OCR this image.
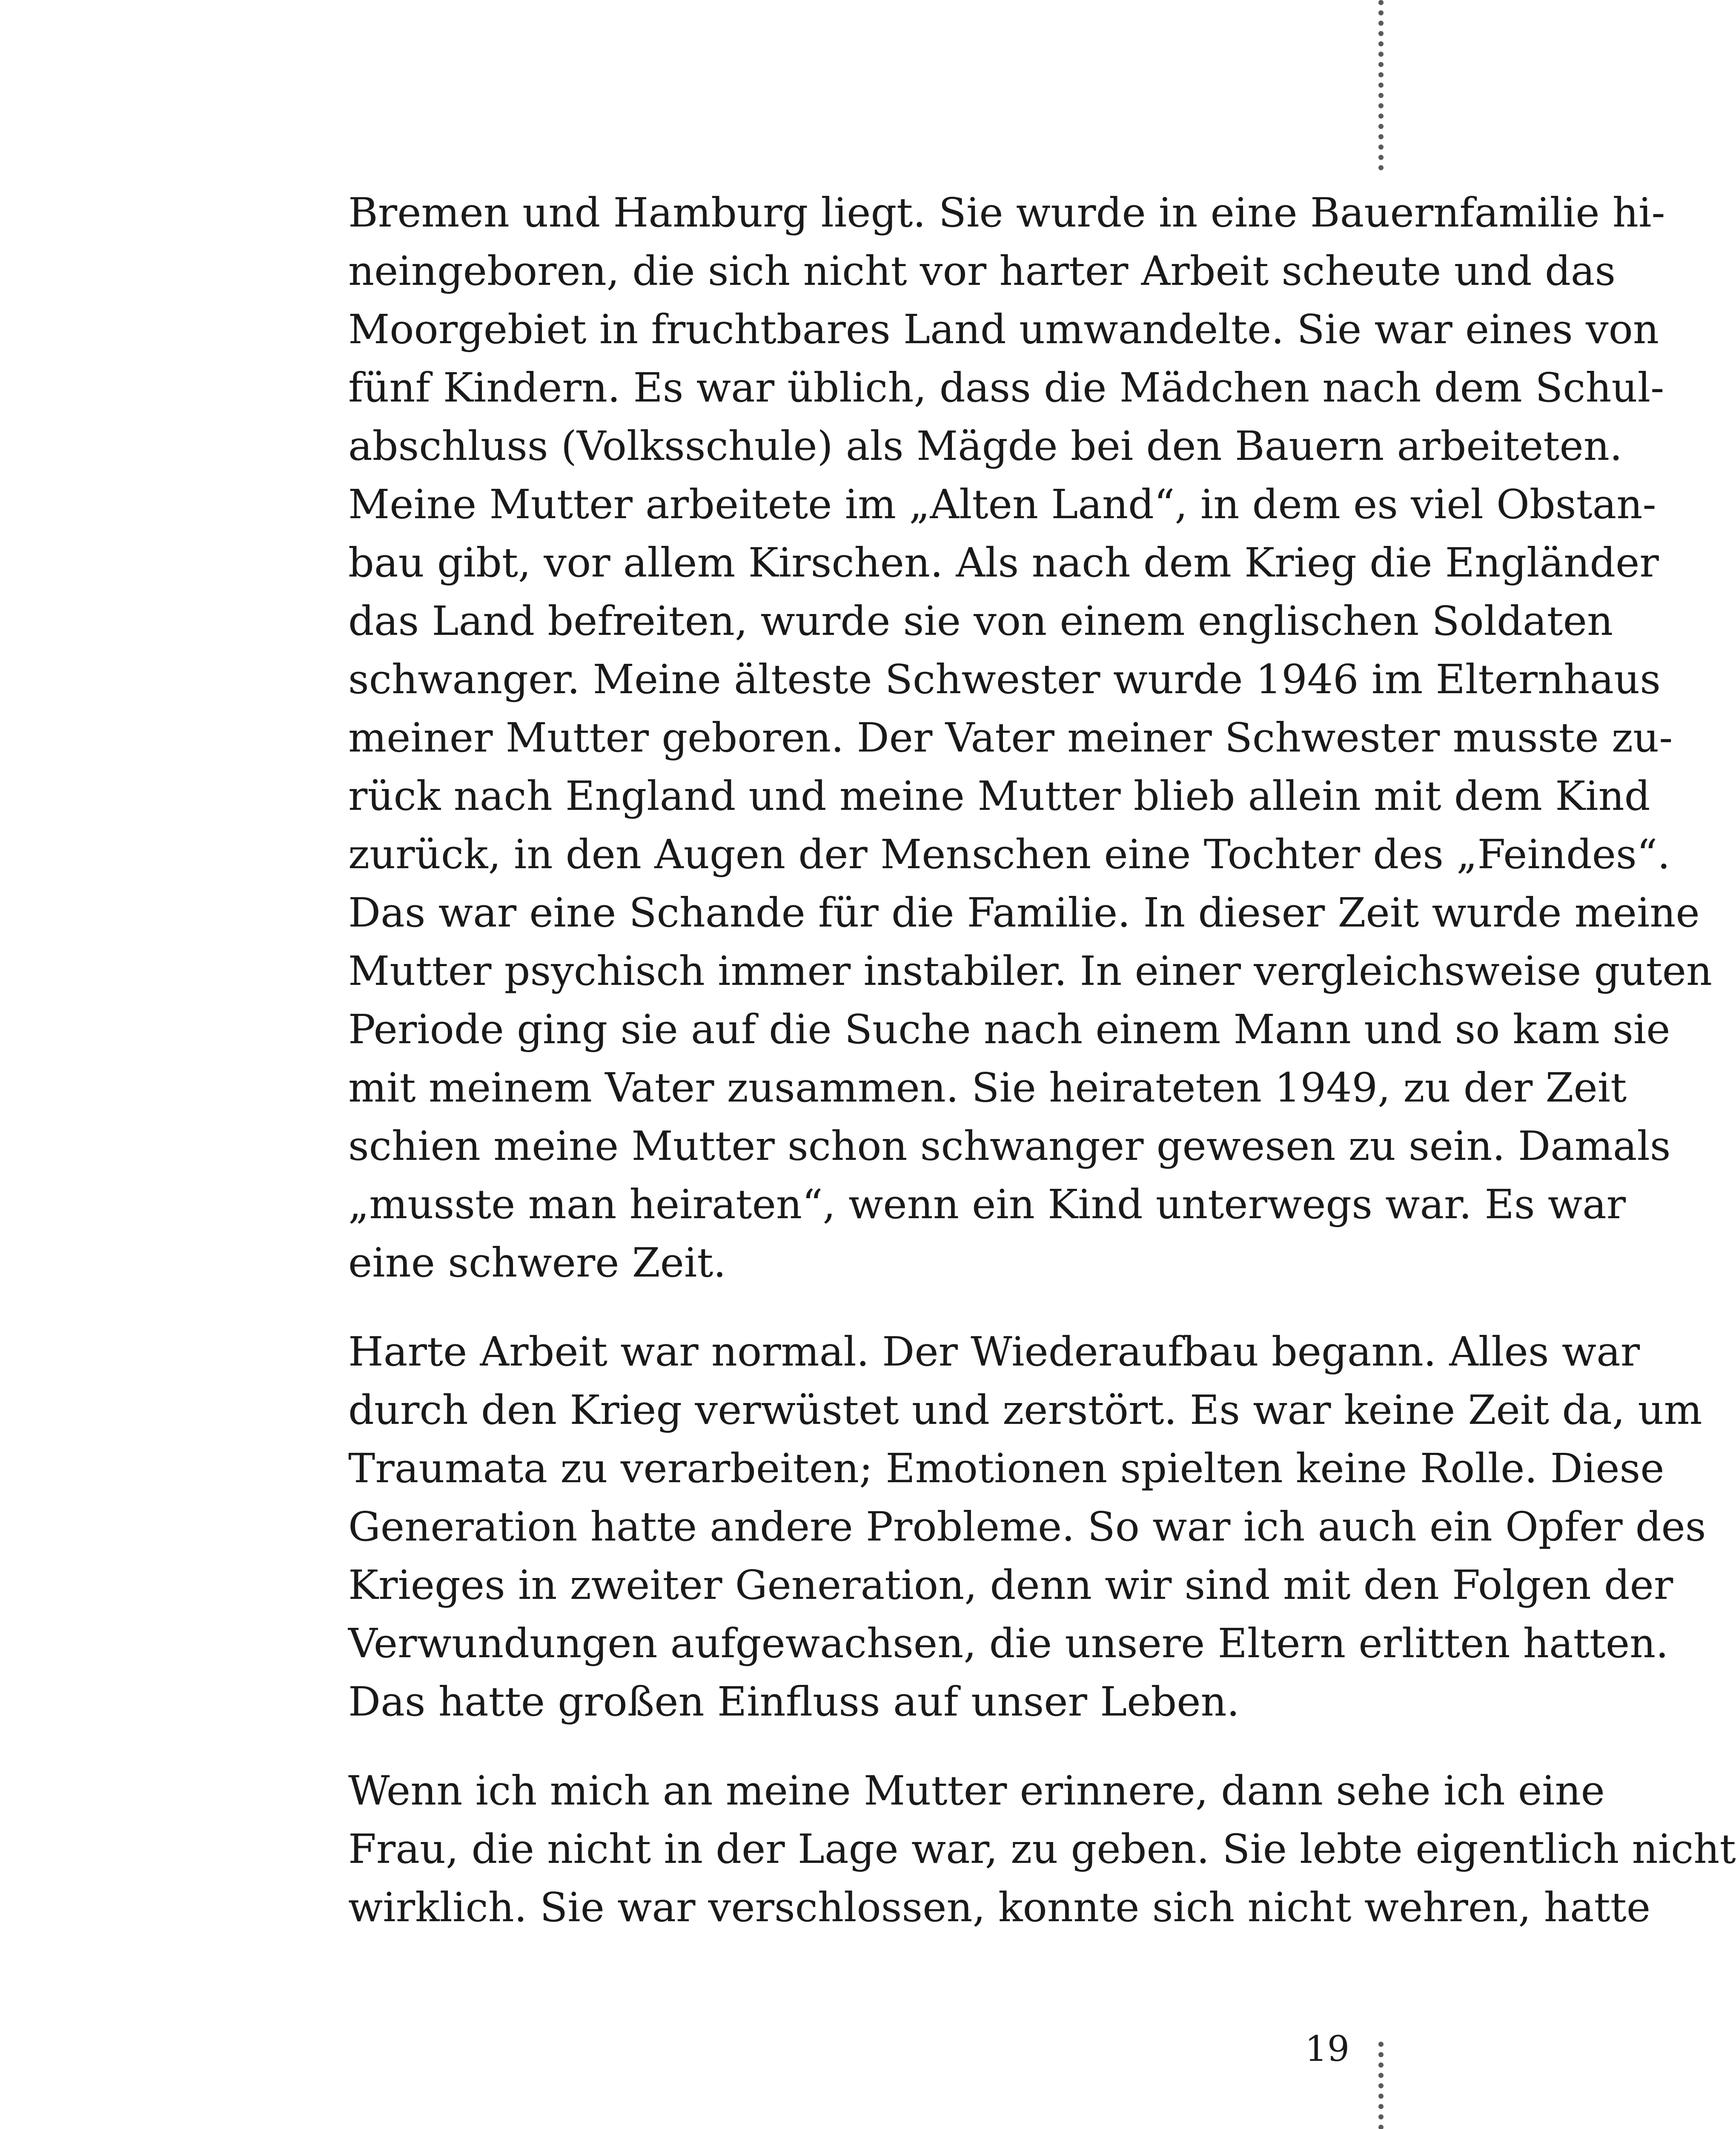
Bremen und Hamburg liegt. Sie wurde in eine Bauernfamilie hi-
neingeboren, die sich nicht vor harter Arbeit scheute und das
Moorgebiet in fruchtbares Land umwandelte. Sie war eines von
fünf Kindern. Es war üblich, dass die Mädchen nach dem Schul-
abschluss (Volksschule) als Mägde bei den Bauern arbeiteten.
Meine Mutter arbeitete im „Alten Land“, in dem es viel Obstan-
bau gibt, vor allem Kirschen. Als nach dem Krieg die Engländer
das Land befreiten, wurde sie von einem englischen Soldaten
schwanger. Meine älteste Schwester wurde 1946 im Elternhaus
meiner Mutter geboren. Der Vater meiner Schwester musste zu-
rück nach England und meine Mutter blieb allein mit dem Kind
zurück, in den Augen der Menschen eine Tochter des „Feindes“.
Das war eine Schande für die Familie. In dieser Zeit wurde meine
Mutter psychisch immer instabiler. In einer vergleichsweise guten
Periode ging sie auf die Suche nach einem Mann und so kam sie
mit meinem Vater zusammen. Sie heirateten 1949, zu der Zeit
schien meine Mutter schon schwanger gewesen zu sein. Damals
„musste man heiraten“, wenn ein Kind unterwegs war. Es war
eine schwere Zeit.

Harte Arbeit war normal. Der Wiederaufbau begann. Alles war
durch den Krieg verwüstet und zerstört. Es war keine Zeit da, um
Traumata zu verarbeiten; Emotionen spielten keine Rolle. Diese
Generation hatte andere Probleme. So war ich auch ein Opfer des
Krieges in zweiter Generation, denn wir sind mit den Folgen der
Verwundungen aufgewachsen, die unsere Eltern erlitten hatten.
Das hatte großen Einfluss auf unser Leben.

Wenn ich mich an meine Mutter erinnere, dann sehe ich eine
Frau, die nicht in der Lage war, zu geben. Sie lebte eigentlich nicht
wirklich. Sie war verschlossen, konnte sich nicht wehren, hatte

19
